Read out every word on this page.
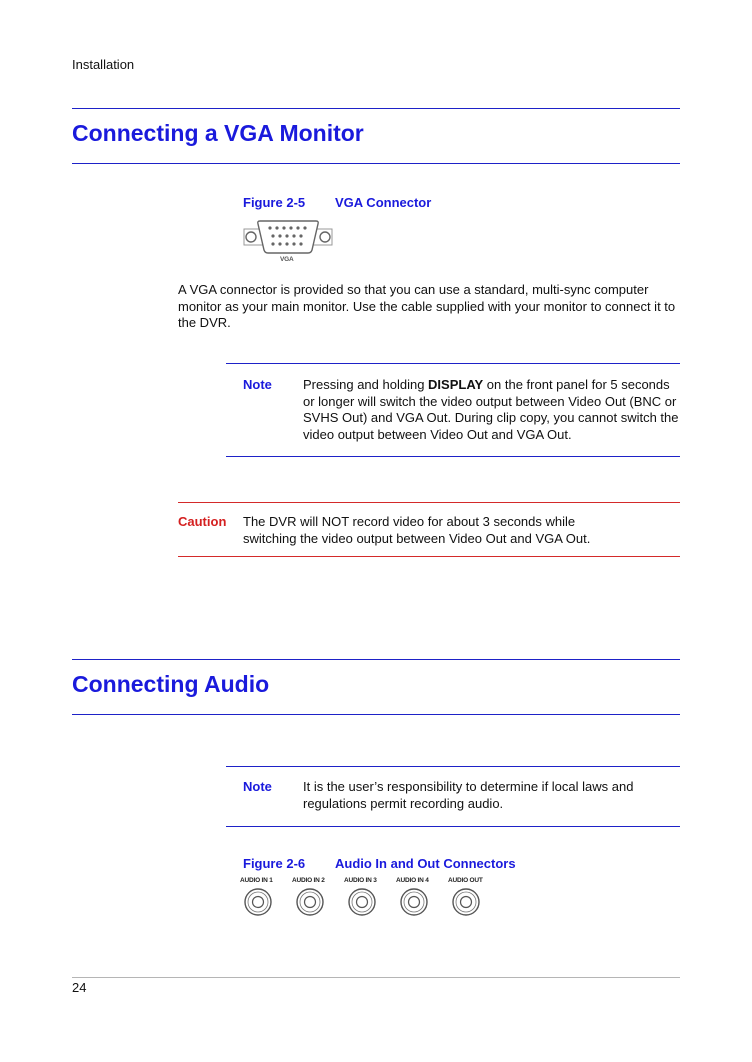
Installation
Connecting a VGA Monitor
Figure 2-5 VGA Connector
VGA
A VGA connector is provided so that you can use a standard, multi-sync computer monitor as your main monitor. Use the cable supplied with your monitor to connect it to the DVR.
Note Pressing and holding DISPLAY on the front panel for 5 seconds or longer will switch the video output between Video Out (BNC or SVHS Out) and VGA Out. During clip copy, you cannot switch the video output between Video Out and VGA Out.
Caution The DVR will NOT record video for about 3 seconds while switching the video output between Video Out and VGA Out.
Connecting Audio
Note It is the user’s responsibility to determine if local laws and regulations permit recording audio.
Figure 2-6 Audio In and Out Connectors
AUDIO IN 1	AUDIO IN 2	AUDIO IN 3	AUDIO IN 4	AUDIO OUT
24
